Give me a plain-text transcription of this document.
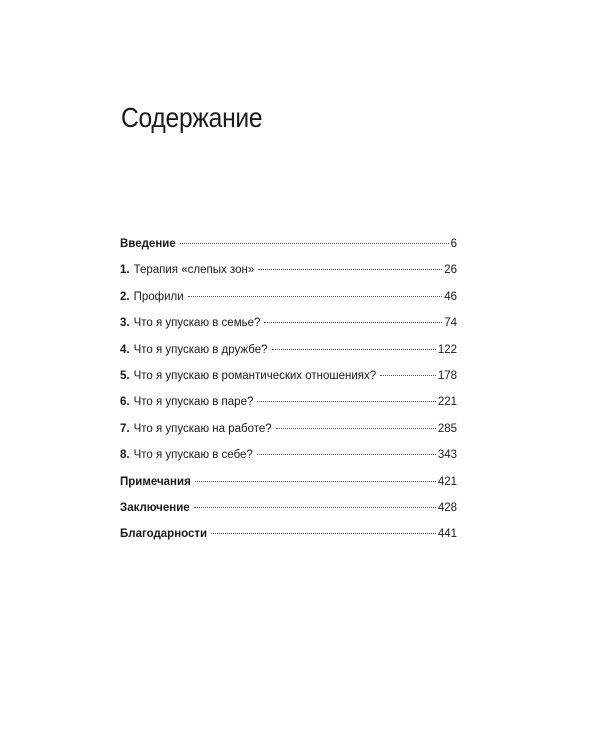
Содержание
Введение	6
1. Терапия «слепых зон»	26
2. Профили	46
3. Что я упускаю в семье?	74
4. Что я упускаю в дружбе?	122
5. Что я упускаю в романтических отношениях?	178
6. Что я упускаю в паре?	221
7. Что я упускаю на работе?	285
8. Что я упускаю в себе?	343
Примечания	421
Заключение	428
Благодарности	441
